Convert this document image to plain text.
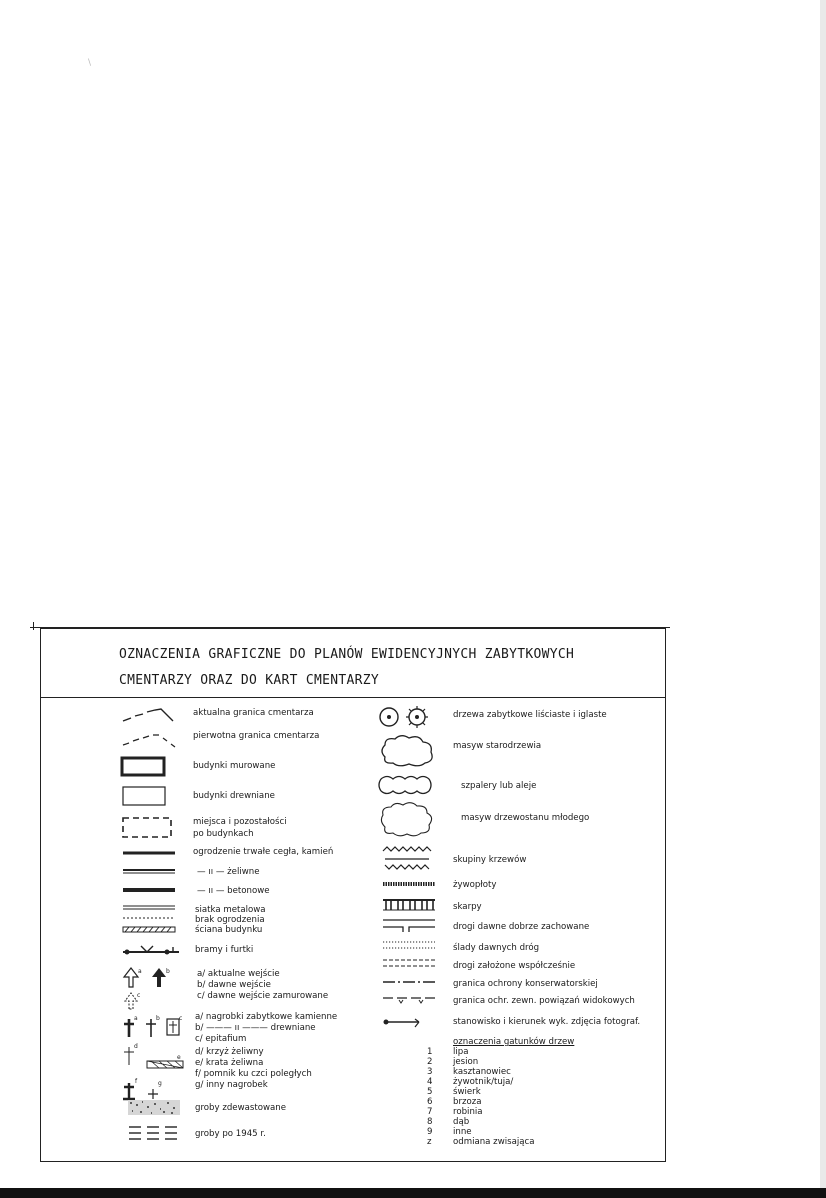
\
OZNACZENIA GRAFICZNE DO PLANÓW EWIDENCYJNYCH ZABYTKOWYCH
CMENTARZY ORAZ DO KART CMENTARZY
aktualna granica cmentarza
pierwotna granica cmentarza
budynki murowane
budynki drewniane
miejsca i pozostałości
po budynkach
ogrodzenie trwałe cegła, kamień
— ıı — żeliwne
— ıı — betonowe
siatka metalowa
brak ogrodzenia
ściana budynku
bramy i furtki
a	b
c
a/ aktualne wejście
b/ dawne wejście
c/ dawne wejście zamurowane
a	b	c
d
e
f	g
a/ nagrobki zabytkowe kamienne
b/ ——— ıı ——— drewniane
c/ epitafium
d/ krzyż żeliwny
e/ krata żeliwna
f/ pomnik ku czci poległych
g/ inny nagrobek
groby zdewastowane
groby po 1945 r.
drzewa zabytkowe liściaste i iglaste
masyw starodrzewia
szpalery lub aleje
masyw drzewostanu młodego
skupiny krzewów
żywopłoty
skarpy
drogi dawne dobrze zachowane
ślady dawnych dróg
drogi założone współcześnie
granica ochrony konserwatorskiej
granica ochr. zewn. powiązań widokowych
stanowisko i kierunek wyk. zdjęcia fotograf.
oznaczenia gatunków drzew
1 lipa
2 jesion
3 kasztanowiec
4 żywotnik/tuja/
5 świerk
6 brzoza
7 robinia
8 dąb
9 inne
z odmiana zwisająca
